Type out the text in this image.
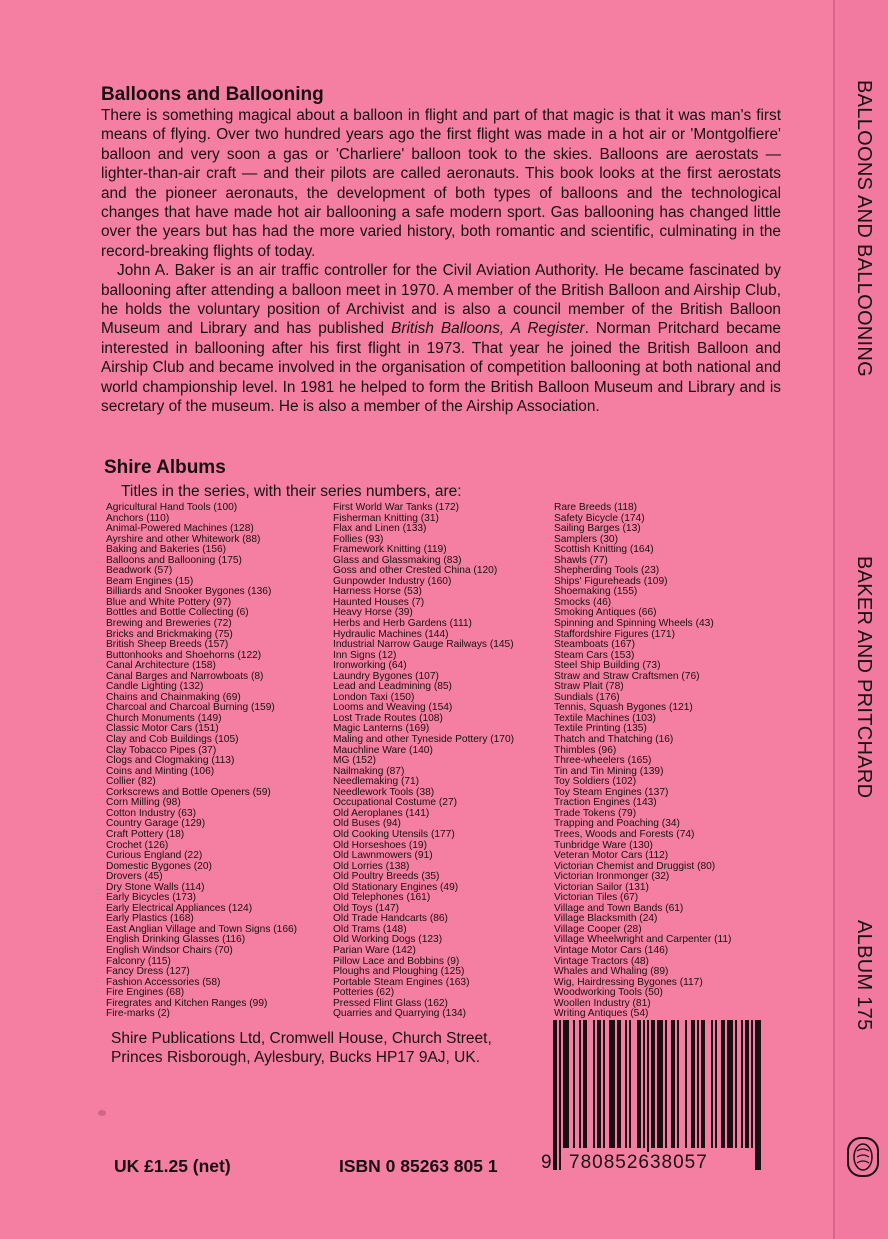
Balloons and Ballooning

There is something magical about a balloon in flight and part of that magic is that it was man's first means of flying. Over two hundred years ago the first flight was made in a hot air or 'Montgolfiere' balloon and very soon a gas or 'Charliere' balloon took to the skies. Balloons are aerostats — lighter-than-air craft — and their pilots are called aeronauts. This book looks at the first aerostats and the pioneer aeronauts, the development of both types of balloons and the technological changes that have made hot air ballooning a safe modern sport. Gas ballooning has changed little over the years but has had the more varied history, both romantic and scientific, culminating in the record-breaking flights of today.

John A. Baker is an air traffic controller for the Civil Aviation Authority. He became fascinated by ballooning after attending a balloon meet in 1970. A member of the British Balloon and Airship Club, he holds the voluntary position of Archivist and is also a council member of the British Balloon Museum and Library and has published British Balloons, A Register. Norman Pritchard became interested in ballooning after his first flight in 1973. That year he joined the British Balloon and Airship Club and became involved in the organisation of competition ballooning at both national and world championship level. In 1981 he helped to form the British Balloon Museum and Library and is secretary of the museum. He is also a member of the Airship Association.

Shire Albums
Titles in the series, with their series numbers, are:
Agricultural Hand Tools (100)
Anchors (110)
Animal-Powered Machines (128)
Ayrshire and other Whitework (88)
Baking and Bakeries (156)
Balloons and Ballooning (175)
Beadwork (57)
Beam Engines (15)
Billiards and Snooker Bygones (136)
Blue and White Pottery (97)
Bottles and Bottle Collecting (6)
Brewing and Breweries (72)
Bricks and Brickmaking (75)
British Sheep Breeds (157)
Buttonhooks and Shoehorns (122)
Canal Architecture (158)
Canal Barges and Narrowboats (8)
Candle Lighting (132)
Chains and Chainmaking (69)
Charcoal and Charcoal Burning (159)
Church Monuments (149)
Classic Motor Cars (151)
Clay and Cob Buildings (105)
Clay Tobacco Pipes (37)
Clogs and Clogmaking (113)
Coins and Minting (106)
Collier (82)
Corkscrews and Bottle Openers (59)
Corn Milling (98)
Cotton Industry (63)
Country Garage (129)
Craft Pottery (18)
Crochet (126)
Curious England (22)
Domestic Bygones (20)
Drovers (45)
Dry Stone Walls (114)
Early Bicycles (173)
Early Electrical Appliances (124)
Early Plastics (168)
East Anglian Village and Town Signs (166)
English Drinking Glasses (116)
English Windsor Chairs (70)
Falconry (115)
Fancy Dress (127)
Fashion Accessories (58)
Fire Engines (68)
Firegrates and Kitchen Ranges (99)
Fire-marks (2)
First World War Tanks (172)
Fisherman Knitting (31)
Flax and Linen (133)
Follies (93)
Framework Knitting (119)
Glass and Glassmaking (83)
Goss and other Crested China (120)
Gunpowder Industry (160)
Harness Horse (53)
Haunted Houses (7)
Heavy Horse (39)
Herbs and Herb Gardens (111)
Hydraulic Machines (144)
Industrial Narrow Gauge Railways (145)
Inn Signs (12)
Ironworking (64)
Laundry Bygones (107)
Lead and Leadmining (85)
London Taxi (150)
Looms and Weaving (154)
Lost Trade Routes (108)
Magic Lanterns (169)
Maling and other Tyneside Pottery (170)
Mauchline Ware (140)
MG (152)
Nailmaking (87)
Needlemaking (71)
Needlework Tools (38)
Occupational Costume (27)
Old Aeroplanes (141)
Old Buses (94)
Old Cooking Utensils (177)
Old Horseshoes (19)
Old Lawnmowers (91)
Old Lorries (138)
Old Poultry Breeds (35)
Old Stationary Engines (49)
Old Telephones (161)
Old Toys (147)
Old Trade Handcarts (86)
Old Trams (148)
Old Working Dogs (123)
Parian Ware (142)
Pillow Lace and Bobbins (9)
Ploughs and Ploughing (125)
Portable Steam Engines (163)
Potteries (62)
Pressed Flint Glass (162)
Quarries and Quarrying (134)
Rare Breeds (118)
Safety Bicycle (174)
Sailing Barges (13)
Samplers (30)
Scottish Knitting (164)
Shawls (77)
Shepherding Tools (23)
Ships' Figureheads (109)
Shoemaking (155)
Smocks (46)
Smoking Antiques (66)
Spinning and Spinning Wheels (43)
Staffordshire Figures (171)
Steamboats (167)
Steam Cars (153)
Steel Ship Building (73)
Straw and Straw Craftsmen (76)
Straw Plait (78)
Sundials (176)
Tennis, Squash Bygones (121)
Textile Machines (103)
Textile Printing (135)
Thatch and Thatching (16)
Thimbles (96)
Three-wheelers (165)
Tin and Tin Mining (139)
Toy Soldiers (102)
Toy Steam Engines (137)
Traction Engines (143)
Trade Tokens (79)
Trapping and Poaching (34)
Trees, Woods and Forests (74)
Tunbridge Ware (130)
Veteran Motor Cars (112)
Victorian Chemist and Druggist (80)
Victorian Ironmonger (32)
Victorian Sailor (131)
Victorian Tiles (67)
Village and Town Bands (61)
Village Blacksmith (24)
Village Cooper (28)
Village Wheelwright and Carpenter (11)
Vintage Motor Cars (146)
Vintage Tractors (48)
Whales and Whaling (89)
Wig, Hairdressing Bygones (117)
Woodworking Tools (50)
Woollen Industry (81)
Writing Antiques (54)
Shire Publications Ltd, Cromwell House, Church Street, Princes Risborough, Aylesbury, Bucks HP17 9AJ, UK.
UK £1.25 (net)	ISBN 0 85263 805 1 9 780852638057
BALLOONS AND BALLOONING
BAKER AND PRITCHARD
ALBUM 175
